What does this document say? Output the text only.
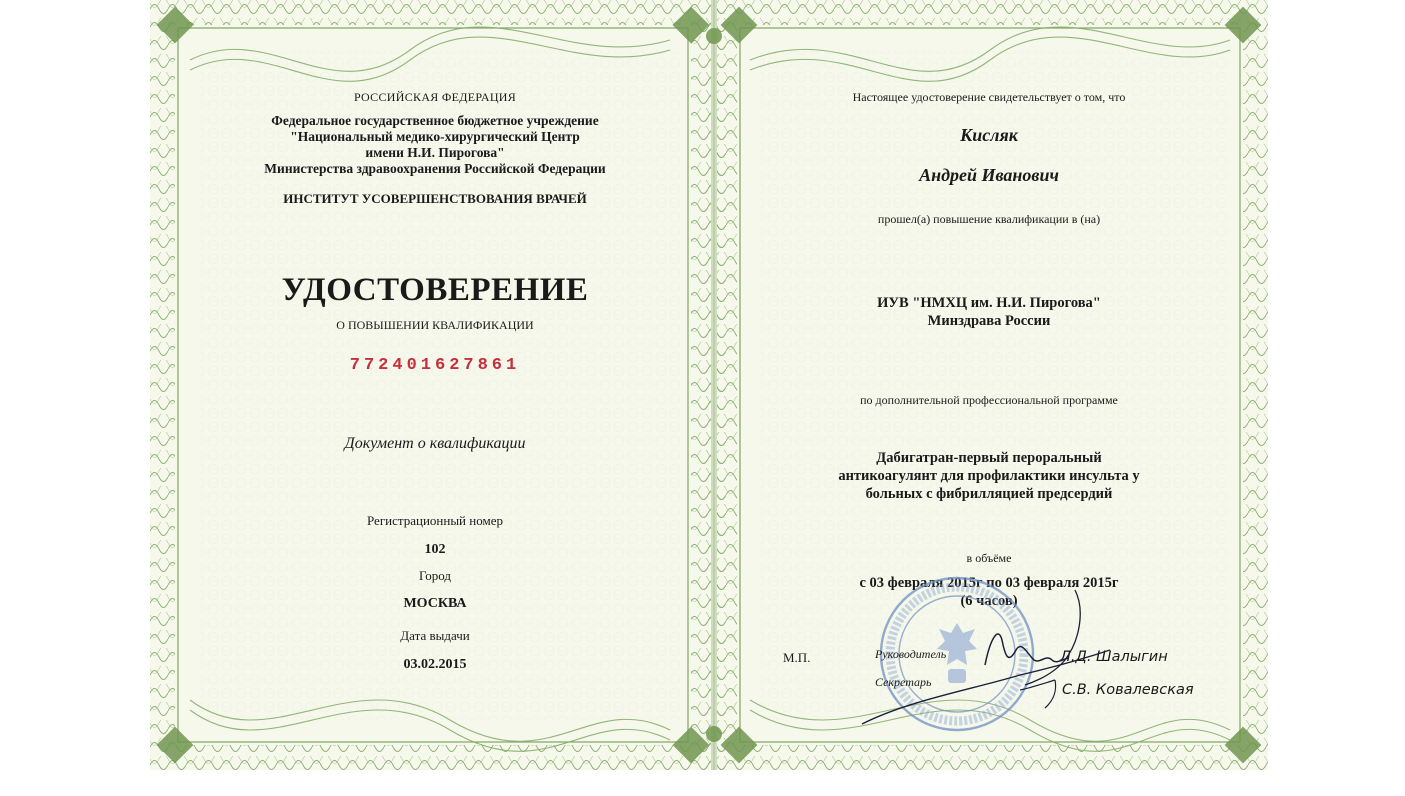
РОССИЙСКАЯ ФЕДЕРАЦИЯ
Федеральное государственное бюджетное учреждение
"Национальный медико-хирургический Центр
имени Н.И. Пирогова"
Министерства здравоохранения Российской Федерации
ИНСТИТУТ УСОВЕРШЕНСТВОВАНИЯ ВРАЧЕЙ
УДОСТОВЕРЕНИЕ
О ПОВЫШЕНИИ КВАЛИФИКАЦИИ
772401627861
Документ о квалификации
Регистрационный номер
102
Город
МОСКВА
Дата выдачи
03.02.2015
Настоящее удостоверение свидетельствует о том, что
Кисляк
Андрей Иванович
прошел(а) повышение квалификации в (на)
ИУВ "НМХЦ им. Н.И. Пирогова"
Минздрава России
по дополнительной профессиональной программе
Дабигатран-первый пероральный
антикоагулянт для профилактики инсульта у
больных с фибрилляцией предсердий
в объёме
с 03 февраля 2015г по 03 февраля 2015г
(6 часов)
М.П.	Руководитель	Л.Д. Шалыгин
Секретарь	С.В. Ковалевская
